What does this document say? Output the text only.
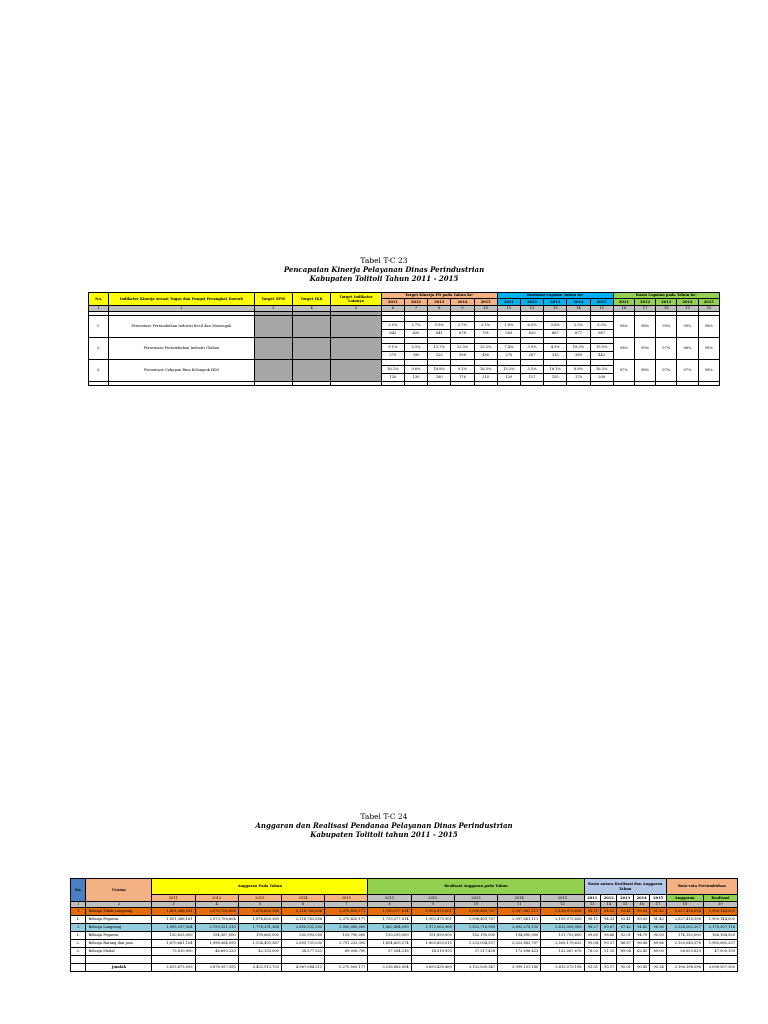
Tabel T-C 23
Pencapaian Kinerja Pelayanan Dinas Perindustrian
Kabupaten Tolitoli Tahun 2011 - 2015
No.	Indikator Kinerja sesuai Tugas dan Fungsi Perangkat Daerah	Target SPM	Target IKK	Target Indikator Lainnya	Target Kinerja PD pada Tahun ke-					Realisasi Capaian Tahun ke-					Rasio Capaian pada Tahun ke-				
					2011	2012	2013	2014	2015	2011	2012	2013	2014	2015	2011	2012	2013	2014	2015
1	2	3	4	5	6	7	8	9	10	11	12	13	14	15	16	17	18	19	20

1.	Persentase Pertumbuhan Industri Kecil dan Menengah														98%	98%	99%	99%	98%
					3.0%	2.7%	5.9%	2.7%	3.1%	1.8%	6.3%	3.6%	2.5%	3.3%					
					642	620	641	678	701	583	620	667	677	687					
2.	Persentase Pertumbuhan Industri Olahan														98%	99%	97%	96%	99%
					9.1%	5.5%	12.7%	22.5%	23.2%	7.4%	3.9%	4.9%	18.3%	19.5%					
					275	290	325	398	490	270	287	315	389	442					
3.	Persentase Cakupan Bina Kelompok IKM														97%	98%	97%	97%	98%
					16.1%	9.6%	18.8%	9.1%	16.3%	15.3%	5.5%	16.1%	8.8%	16.3%					
					120	130	160	176	210	120	127	155	170	208					

Tabel T-C 24
Anggaran dan Realisasi Pendanaa Pelayanan Dinas Perindustrian
Kabupaten Tolitoli tahun 2011 - 2015
No.	Uraian	Anggaran Pada Tahun					Realisasi Anggaran pada Tahun					Rasio antara Realisasi dan Anggaran Tahun					Rata-rata Pertumbuhan	
		2011	2012	2013	2014	2015	2011	2012	2013	2014	2015	2011	2012	2013	2014	2015	Anggaran	Realisasi
1	2	3	4	5	6	7	8	9	10	11	12	13	14	15	16	17	18	19
1	Belanja Tidak Langsung	1,801,366,161	2,073,706,604	1,676,620,389	2,116,763,856	2,370,420,177	1,759,377,814	1,903,475,901	1,596,409,787	2,097,661,111	2,159,073,656	98.11	94.33	93.41	99.05	91.42	2,027,418,598	1,900,144,003
1.	Belanja Pegawai	1,801,366,161	2,073,706,604	1,676,620,389	2,116,763,856	2,370,420,177	1,759,377,814	1,903,475,901	1,596,409,787	2,097,661,111	2,159,073,656	98.11	94.33	93.41	99.05	91.42	2,027,418,598	1,900,144,003
2	Belanja Langsung	1,895,297,004	2,199,321,310	1,776,291,364	2,850,321,355	2,900,080,000	1,862,484,590	1,972,062,968	1,552,716,985	2,692,270,130	2,812,000,908	98.27	89.67	87.42	94.45	96.96	2,324,262,207	2,178,307,116
1.	Belanja Pegawai	150,825,000	154,567,000	199,665,000	205,993,000	159,790,000	150,295,000	151,890,000	182,195,000	194,690,000	151,753,600	99.65	98.66	92.01	94.70	95.00	174,152,000	166,164,920
2.	Belanja Barang dan jasa	1,670,661,104	1,998,064,090	1,534,493,367	2,605,751,030	2,791,233,300	1,654,605,274	1,805,653,015	1,333,004,557	2,523,883,707	2,508,179,632	99.04	90.37	86.87	96.86	89.86	2,120,040,578	1,965,065,237
3.	Belanja Modal	73,810,900	46,690,220	42,133,000	38,577,325	69,056,700	57,584,316	14,519,953	37,517,428	173,696,423	152,067,676	78.02	31.10	89.04	62.45	89.00	56,053,629	47,005,159

	Jumlah	3,615,675,093	3,876,957,350	3,452,913,753	4,967,084,211	5,270,500,177	3,516,862,004	3,693,435,869	3,152,035,347	3,999,151,180	3,813,073,198	93.51	95.17	90.01	90.43	95.24	3,196,198,596	3,096,957,350
